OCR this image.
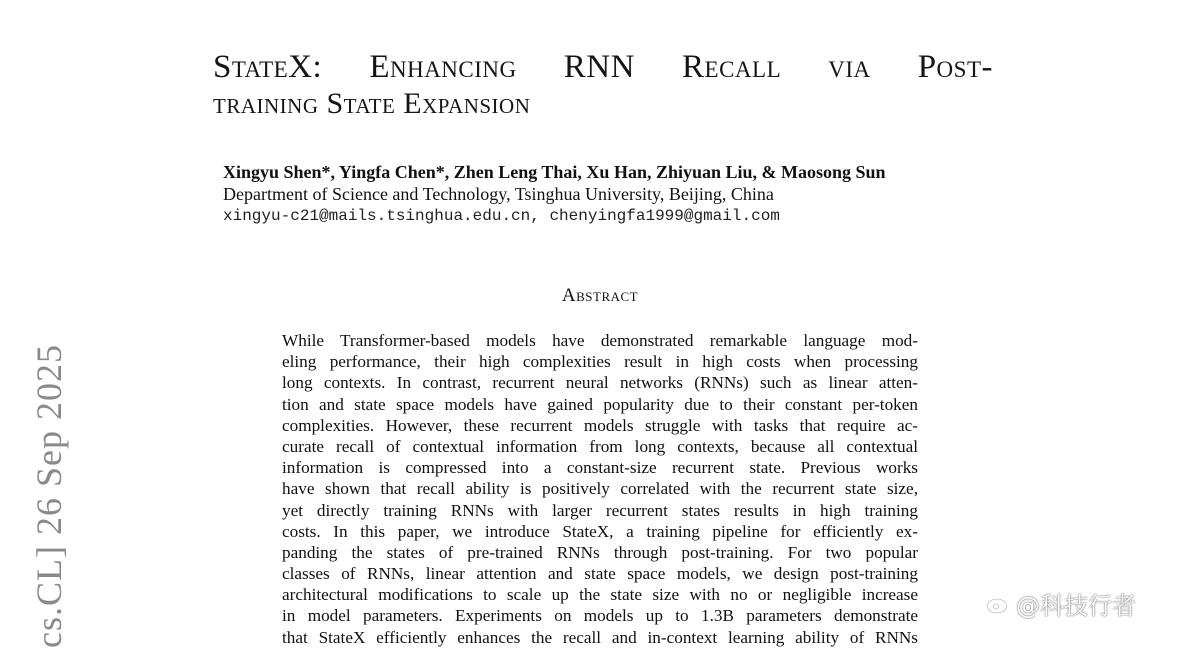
StateX: Enhancing RNN Recall via Post-
training State Expansion
Xingyu Shen*, Yingfa Chen*, Zhen Leng Thai, Xu Han, Zhiyuan Liu, & Maosong Sun
Department of Science and Technology, Tsinghua University, Beijing, China
xingyu-c21@mails.tsinghua.edu.cn, chenyingfa1999@gmail.com
Abstract
While Transformer-based models have demonstrated remarkable language mod-
eling performance, their high complexities result in high costs when processing
long contexts. In contrast, recurrent neural networks (RNNs) such as linear atten-
tion and state space models have gained popularity due to their constant per-token
complexities. However, these recurrent models struggle with tasks that require ac-
curate recall of contextual information from long contexts, because all contextual
information is compressed into a constant-size recurrent state. Previous works
have shown that recall ability is positively correlated with the recurrent state size,
yet directly training RNNs with larger recurrent states results in high training
costs. In this paper, we introduce StateX, a training pipeline for efficiently ex-
panding the states of pre-trained RNNs through post-training. For two popular
classes of RNNs, linear attention and state space models, we design post-training
architectural modifications to scale up the state size with no or negligible increase
in model parameters. Experiments on models up to 1.3B parameters demonstrate
that StateX efficiently enhances the recall and in-context learning ability of RNNs
cs.CL] 26 Sep 2025	@科技行者
